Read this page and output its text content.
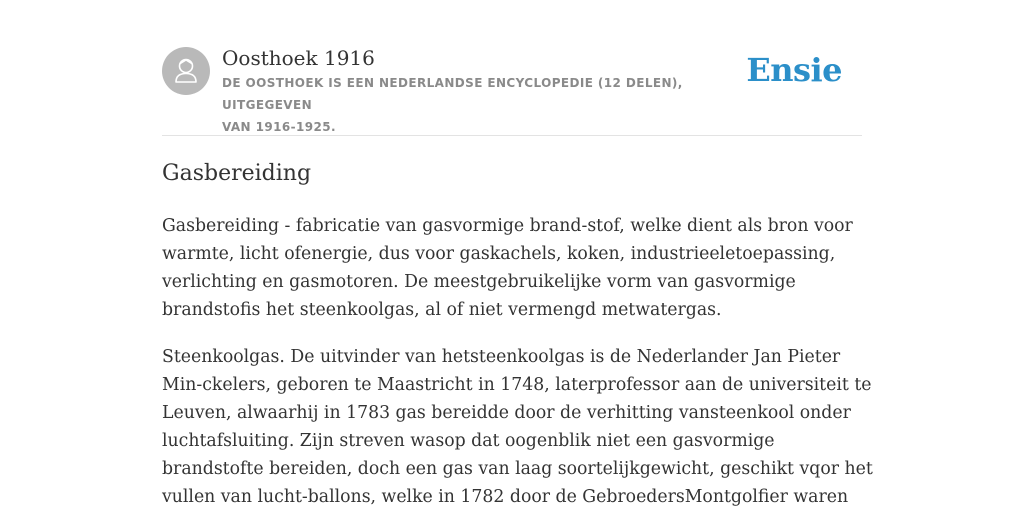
Oosthoek 1916
DE OOSTHOEK IS EEN NEDERLANDSE ENCYCLOPEDIE (12 DELEN), UITGEGEVEN
VAN 1916-1925.
Ensie
Gasbereiding
Gasbereiding - fabricatie van gasvormige brand-stof, welke dient als bron voor
warmte, licht ofenergie, dus voor gaskachels, koken, industrieeletoepassing,
verlichting en gasmotoren. De meestgebruikelijke vorm van gasvormige
brandstofis het steenkoolgas, al of niet vermengd metwatergas.
Steenkoolgas. De uitvinder van hetsteenkoolgas is de Nederlander Jan Pieter
Min-ckelers, geboren te Maastricht in 1748, laterprofessor aan de universiteit te
Leuven, alwaarhij in 1783 gas bereidde door de verhitting vansteenkool onder
luchtafsluiting. Zijn streven wasop dat oogenblik niet een gasvormige
brandstofte bereiden, doch een gas van laag soortelijkgewicht, geschikt vqor het
vullen van lucht-ballons, welke in 1782 door de GebroedersMontgolfier waren
